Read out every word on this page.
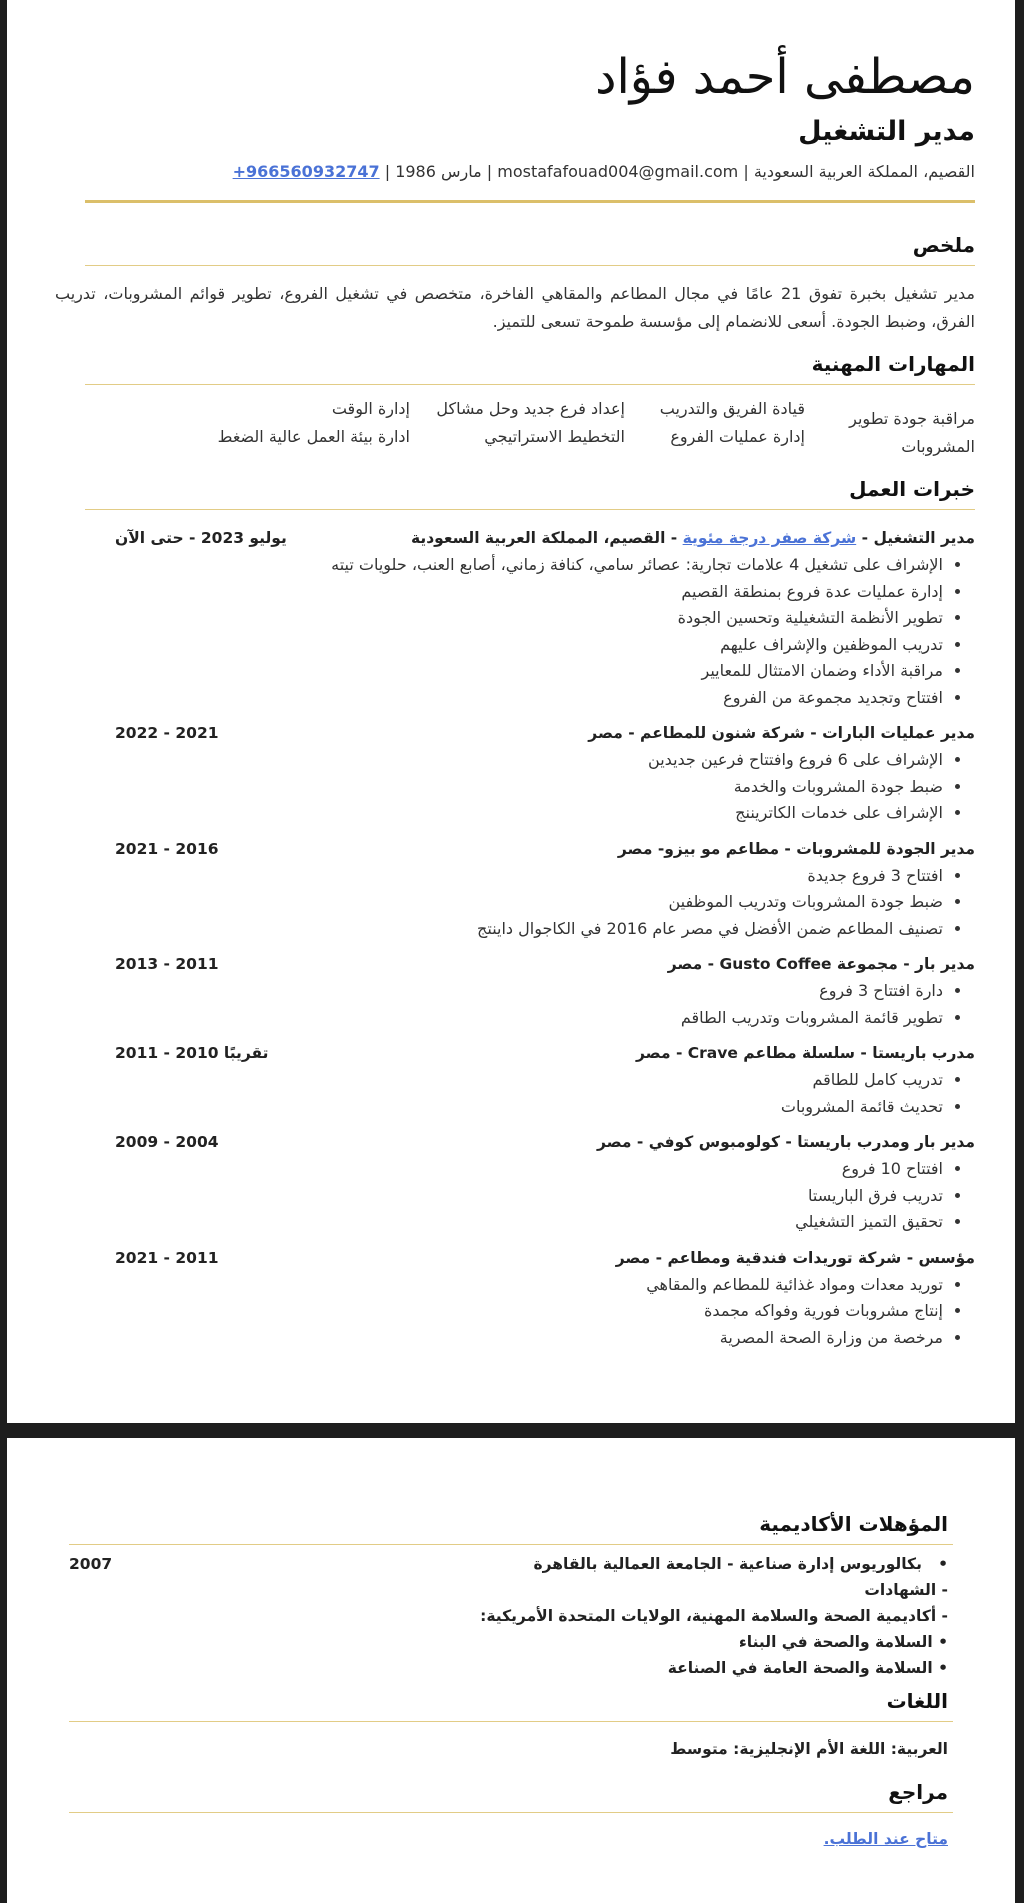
مصطفى أحمد فؤاد
مدير التشغيل
القصيم، المملكة العربية السعودية | mostafafouad004@gmail.com | مارس 1986 | +966560932747
ملخص

مدير تشغيل بخبرة تفوق 21 عامًا في مجال المطاعم والمقاهي الفاخرة، متخصص في تشغيل الفروع، تطوير قوائم المشروبات، تدريب الفرق، وضبط الجودة. أسعى للانضمام إلى مؤسسة طموحة تسعى للتميز.

المهارات المهنية
مراقبة جودة تطوير
المشروبات
قيادة الفريق والتدريب
إدارة عمليات الفروع
إعداد فرع جديد وحل مشاكل
التخطيط الاستراتيجي
إدارة الوقت
ادارة بيئة العمل عالية الضغط
خبرات العمل
مدير التشغيل - شركة صفر درجة مئوية - القصيم، المملكة العربية السعودية
يوليو 2023 - حتى الآن
• الإشراف على تشغيل 4 علامات تجارية: عصائر سامي، كنافة زماني، أصابع العنب، حلويات تيته
• إدارة عمليات عدة فروع بمنطقة القصيم
• تطوير الأنظمة التشغيلية وتحسين الجودة
• تدريب الموظفين والإشراف عليهم
• مراقبة الأداء وضمان الامتثال للمعايير
• افتتاح وتجديد مجموعة من الفروع
مدير عمليات البارات - شركة شنون للمطاعم - مصر
2021 - 2022
• الإشراف على 6 فروع وافتتاح فرعين جديدين
• ضبط جودة المشروبات والخدمة
• الإشراف على خدمات الكاتريننج
مدير الجودة للمشروبات - مطاعم مو بيزو- مصر
2016 - 2021
• افتتاح 3 فروع جديدة
• ضبط جودة المشروبات وتدريب الموظفين
• تصنيف المطاعم ضمن الأفضل في مصر عام 2016 في الكاجوال داينتج
مدير بار - مجموعة Gusto Coffee - مصر
2011 - 2013
• دارة افتتاح 3 فروع
• تطوير قائمة المشروبات وتدريب الطاقم
مدرب باريستا - سلسلة مطاعم Crave - مصر
تقريبًا 2010 - 2011
• تدريب كامل للطاقم
• تحديث قائمة المشروبات
مدير بار ومدرب باريستا - كولومبوس كوفي - مصر
2004 - 2009
• افتتاح 10 فروع
• تدريب فرق الباريستا
• تحقيق التميز التشغيلي
مؤسس - شركة توريدات فندقية ومطاعم - مصر
2011 - 2021
• توريد معدات ومواد غذائية للمطاعم والمقاهي
• إنتاج مشروبات فورية وفواكه مجمدة
• مرخصة من وزارة الصحة المصرية
المؤهلات الأكاديمية
•   بكالوريوس إدارة صناعية - الجامعة العمالية بالقاهرة
2007
- الشهادات
- أكاديمية الصحة والسلامة المهنية، الولايات المتحدة الأمريكية:
• السلامة والصحة في البناء
• السلامة والصحة العامة في الصناعة
اللغات
العربية: اللغة الأم الإنجليزية: متوسط
مراجع
متاح عند الطلب.
